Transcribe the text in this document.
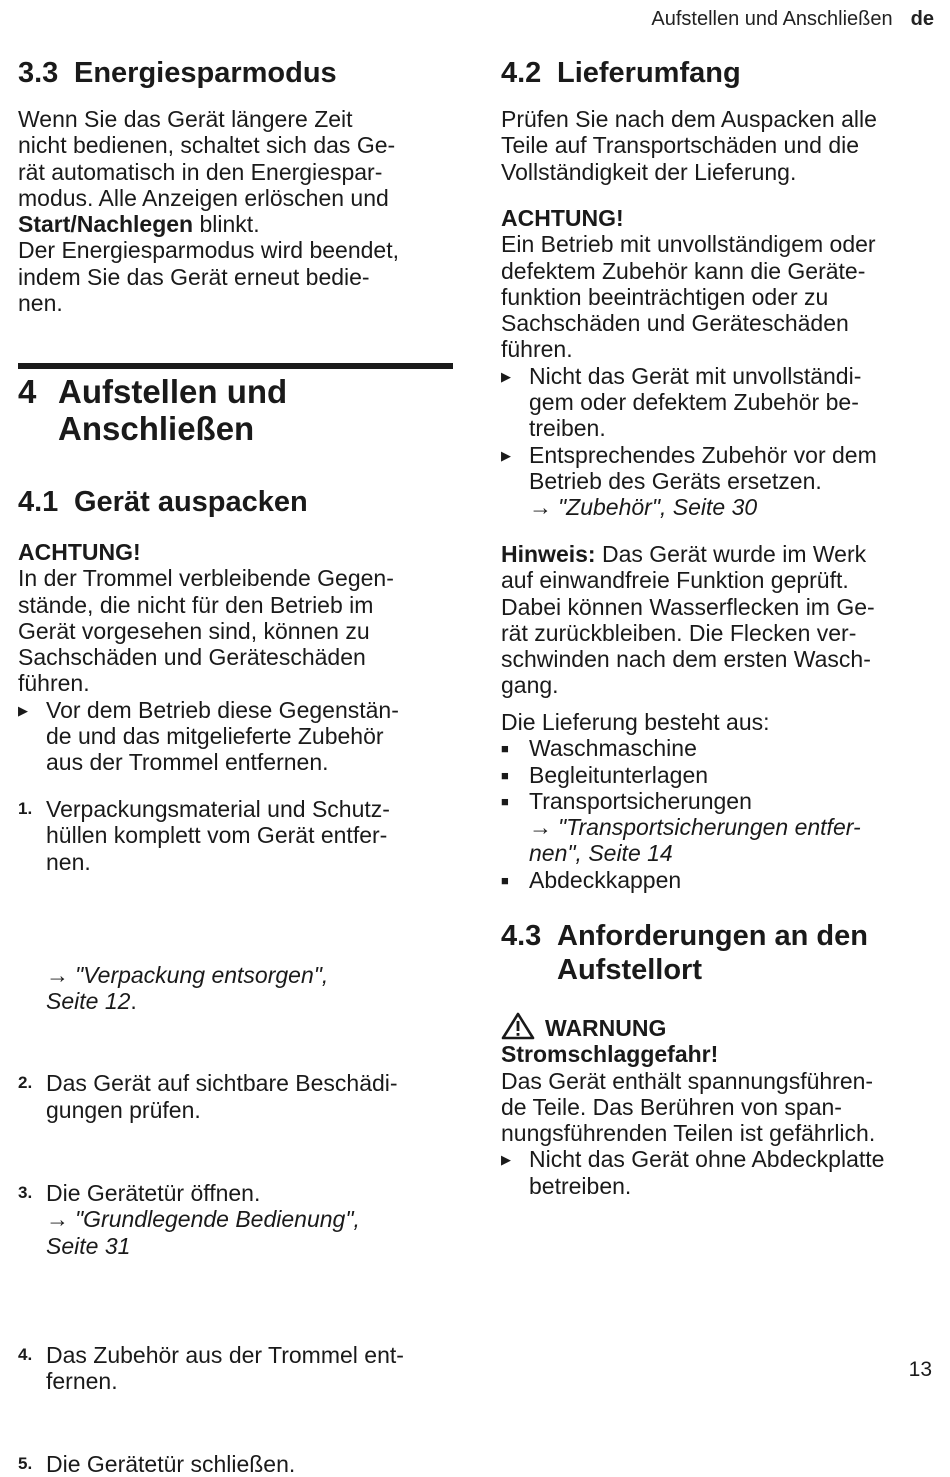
Aufstellen und Anschließen de
3.3 Energiesparmodus
Wenn Sie das Gerät längere Zeit
nicht bedienen, schaltet sich das Ge-
rät automatisch in den Energiespar-
modus. Alle Anzeigen erlöschen und
Start/Nachlegen blinkt.
Der Energiesparmodus wird beendet,
indem Sie das Gerät erneut bedie-
nen.
4 Aufstellen und
Anschließen
4.1 Gerät auspacken
ACHTUNG!
In der Trommel verbleibende Gegen-
stände, die nicht für den Betrieb im
Gerät vorgesehen sind, können zu
Sachschäden und Geräteschäden
führen.
▶ Vor dem Betrieb diese Gegenstän-
de und das mitgelieferte Zubehör
aus der Trommel entfernen.
1. Verpackungsmaterial und Schutz-
hüllen komplett vom Gerät entfer-
nen.
→ "Verpackung entsorgen",
Seite 12.
2. Das Gerät auf sichtbare Beschädi-
gungen prüfen.
3. Die Gerätetür öffnen.
→ "Grundlegende Bedienung",
Seite 31
4. Das Zubehör aus der Trommel ent-
fernen.
5. Die Gerätetür schließen.
4.2 Lieferumfang
Prüfen Sie nach dem Auspacken alle
Teile auf Transportschäden und die
Vollständigkeit der Lieferung.
ACHTUNG!
Ein Betrieb mit unvollständigem oder
defektem Zubehör kann die Geräte-
funktion beeinträchtigen oder zu
Sachschäden und Geräteschäden
führen.
▶ Nicht das Gerät mit unvollständi-
gem oder defektem Zubehör be-
treiben.
▶ Entsprechendes Zubehör vor dem
Betrieb des Geräts ersetzen.
→ "Zubehör", Seite 30
Hinweis: Das Gerät wurde im Werk
auf einwandfreie Funktion geprüft.
Dabei können Wasserflecken im Ge-
rät zurückbleiben. Die Flecken ver-
schwinden nach dem ersten Wasch-
gang.
Die Lieferung besteht aus:
■ Waschmaschine
■ Begleitunterlagen
■ Transportsicherungen
→ "Transportsicherungen entfer-
nen", Seite 14
■ Abdeckkappen
4.3 Anforderungen an den
Aufstellort
WARNUNG
Stromschlaggefahr!
Das Gerät enthält spannungsführen-
de Teile. Das Berühren von span-
nungsführenden Teilen ist gefährlich.
▶ Nicht das Gerät ohne Abdeckplatte
betreiben.
13
